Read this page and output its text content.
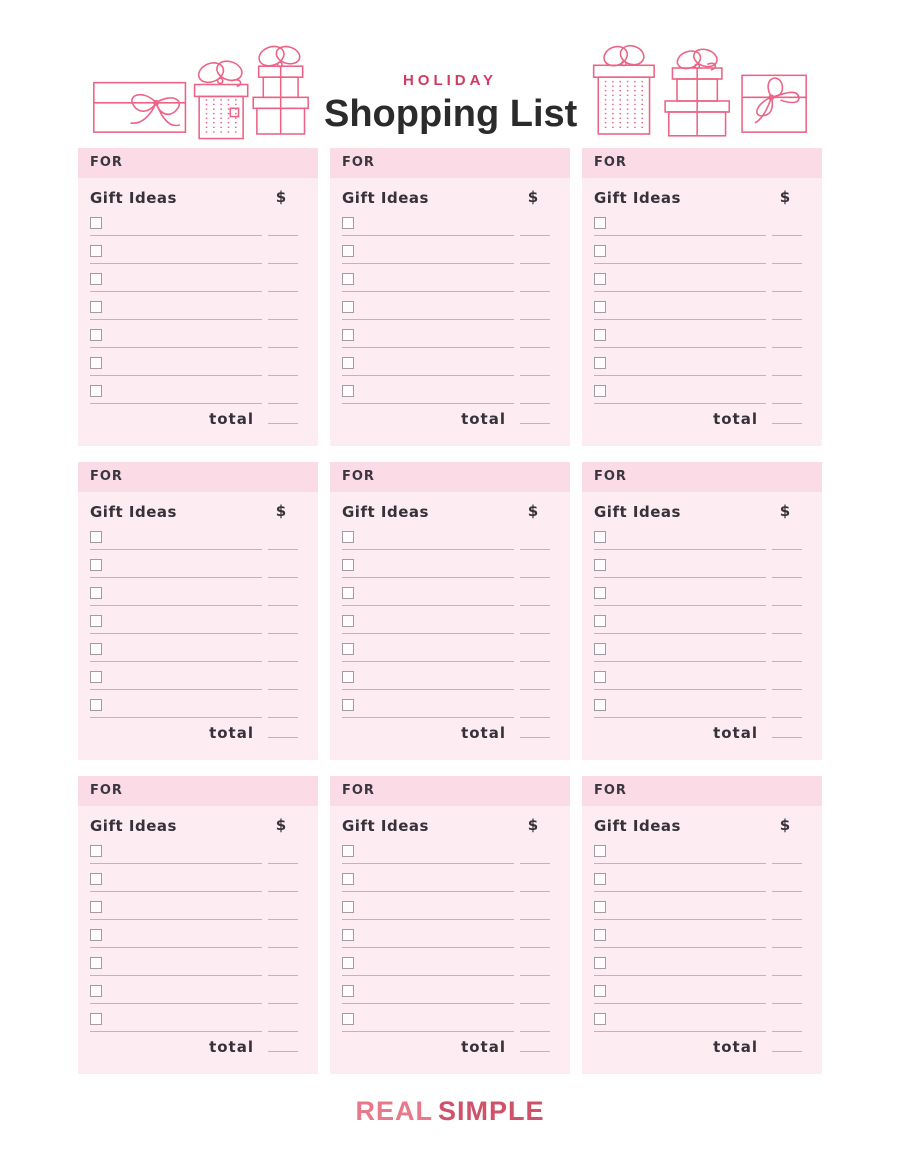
HOLIDAY
Shopping List
FOR
Gift Ideas	$
total
FOR
Gift Ideas	$
total
FOR
Gift Ideas	$
total
FOR
Gift Ideas	$
total
FOR
Gift Ideas	$
total
FOR
Gift Ideas	$
total
FOR
Gift Ideas	$
total
FOR
Gift Ideas	$
total
FOR
Gift Ideas	$
total
REAL SIMPLE
